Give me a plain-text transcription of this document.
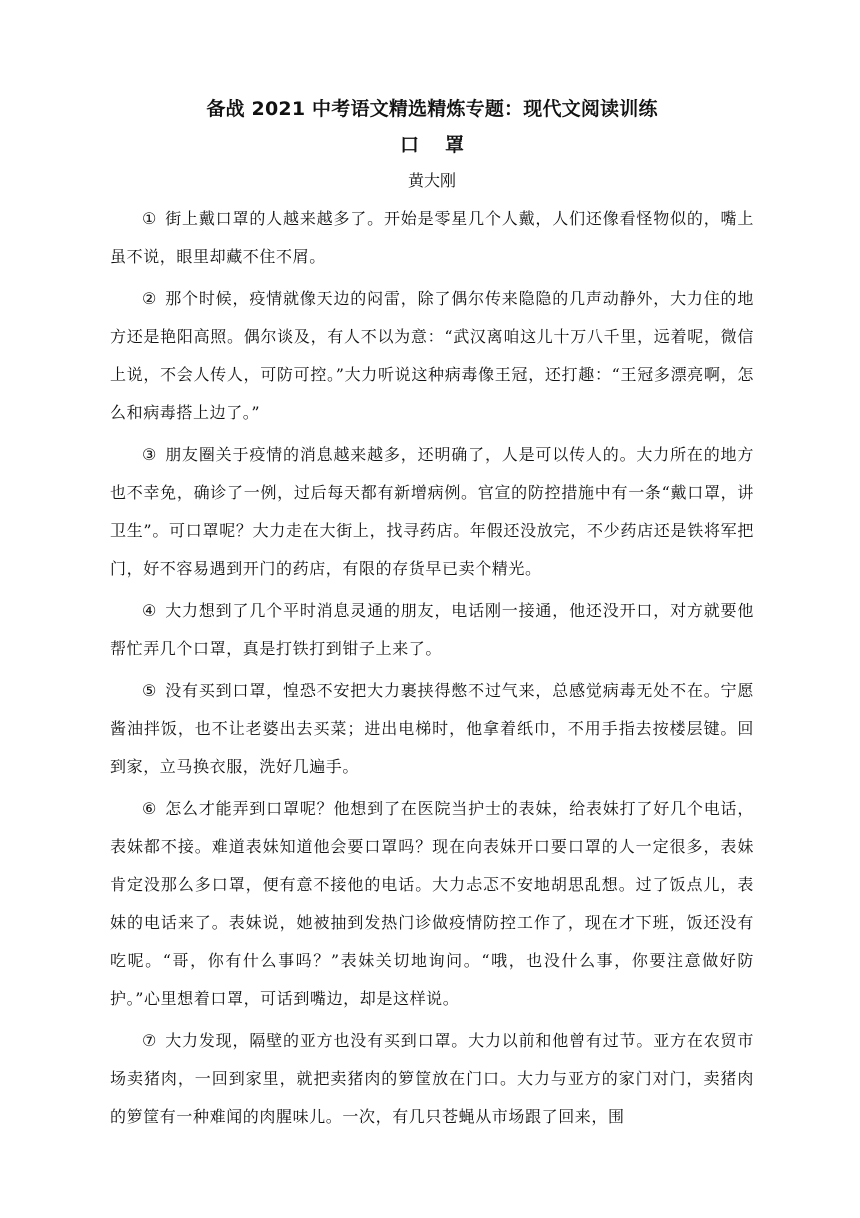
备战 2021 中考语文精选精炼专题：现代文阅读训练
口罩
黄大刚

① 街上戴口罩的人越来越多了。开始是零星几个人戴，人们还像看怪物似的，嘴上虽不说，眼里却藏不住不屑。

② 那个时候，疫情就像天边的闷雷，除了偶尔传来隐隐的几声动静外，大力住的地方还是艳阳高照。偶尔谈及，有人不以为意：“武汉离咱这儿十万八千里，远着呢，微信上说，不会人传人，可防可控。”大力听说这种病毒像王冠，还打趣：“王冠多漂亮啊，怎么和病毒搭上边了。”

③ 朋友圈关于疫情的消息越来越多，还明确了，人是可以传人的。大力所在的地方也不幸免，确诊了一例，过后每天都有新增病例。官宣的防控措施中有一条“戴口罩，讲卫生”。可口罩呢？大力走在大街上，找寻药店。年假还没放完，不少药店还是铁将军把门，好不容易遇到开门的药店，有限的存货早已卖个精光。

④ 大力想到了几个平时消息灵通的朋友，电话刚一接通，他还没开口，对方就要他帮忙弄几个口罩，真是打铁打到钳子上来了。

⑤ 没有买到口罩，惶恐不安把大力裹挟得憋不过气来，总感觉病毒无处不在。宁愿酱油拌饭，也不让老婆出去买菜；进出电梯时，他拿着纸巾，不用手指去按楼层键。回到家，立马换衣服，洗好几遍手。

⑥ 怎么才能弄到口罩呢？他想到了在医院当护士的表妹，给表妹打了好几个电话，表妹都不接。难道表妹知道他会要口罩吗？现在向表妹开口要口罩的人一定很多，表妹肯定没那么多口罩，便有意不接他的电话。大力忐忑不安地胡思乱想。过了饭点儿，表妹的电话来了。表妹说，她被抽到发热门诊做疫情防控工作了，现在才下班，饭还没有吃呢。“哥，你有什么事吗？”表妹关切地询问。“哦，也没什么事，你要注意做好防护。”心里想着口罩，可话到嘴边，却是这样说。

⑦ 大力发现，隔壁的亚方也没有买到口罩。大力以前和他曾有过节。亚方在农贸市场卖猪肉，一回到家里，就把卖猪肉的箩筐放在门口。大力与亚方的家门对门，卖猪肉的箩筐有一种难闻的肉腥味儿。一次，有几只苍蝇从市场跟了回来，围
